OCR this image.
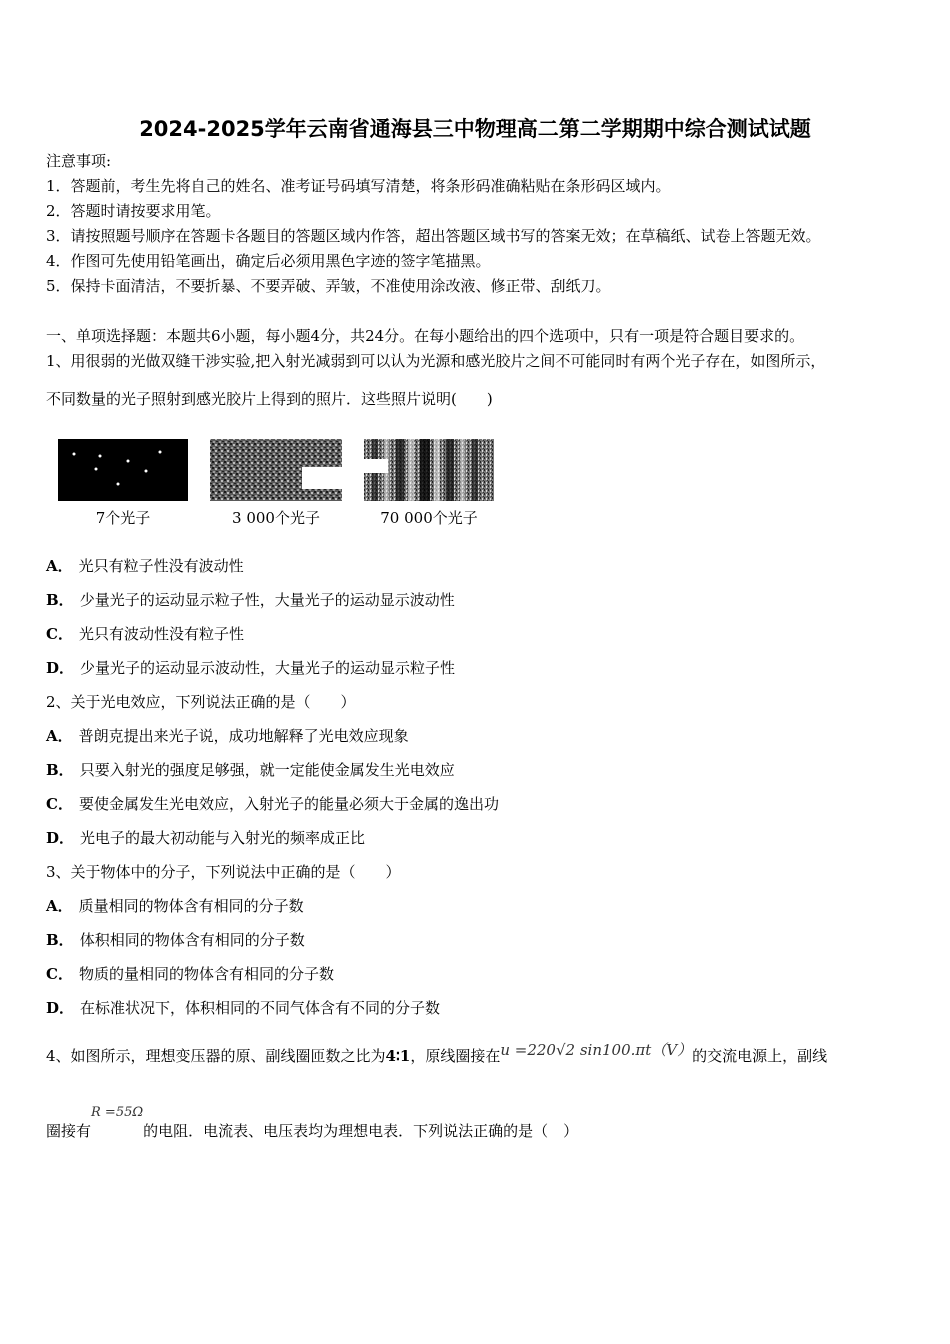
2024-2025学年云南省通海县三中物理高二第二学期期中综合测试试题
注意事项:
1．答题前，考生先将自己的姓名、准考证号码填写清楚，将条形码准确粘贴在条形码区域内。
2．答题时请按要求用笔。
3．请按照题号顺序在答题卡各题目的答题区域内作答，超出答题区域书写的答案无效；在草稿纸、试卷上答题无效。
4．作图可先使用铅笔画出，确定后必须用黑色字迹的签字笔描黑。
5．保持卡面清洁，不要折暴、不要弄破、弄皱，不准使用涂改液、修正带、刮纸刀。
一、单项选择题：本题共6小题，每小题4分，共24分。在每小题给出的四个选项中，只有一项是符合题目要求的。
1、用很弱的光做双缝干涉实验,把入射光减弱到可以认为光源和感光胶片之间不可能同时有两个光子存在，如图所示，
不同数量的光子照射到感光胶片上得到的照片．这些照片说明(　　)
7个光子	3 000个光子	70 000个光子
A． 光只有粒子性没有波动性
B． 少量光子的运动显示粒子性，大量光子的运动显示波动性
C． 光只有波动性没有粒子性
D． 少量光子的运动显示波动性，大量光子的运动显示粒子性
2、关于光电效应，下列说法正确的是（　　）
A． 普朗克提出来光子说，成功地解释了光电效应现象
B． 只要入射光的强度足够强，就一定能使金属发生光电效应
C． 要使金属发生光电效应，入射光子的能量必须大于金属的逸出功
D． 光电子的最大初动能与入射光的频率成正比
3、关于物体中的分子，下列说法中正确的是（　　）
A． 质量相同的物体含有相同的分子数
B． 体积相同的物体含有相同的分子数
C． 物质的量相同的物体含有相同的分子数
D． 在标准状况下，体积相同的不同气体含有不同的分子数
4、如图所示，理想变压器的原、副线圈匝数之比为4∶1，原线圈接在u =220√2 sin100.πt（V）的交流电源上，副线
圈接有R =55Ω的电阻．电流表、电压表均为理想电表．下列说法正确的是（　）
